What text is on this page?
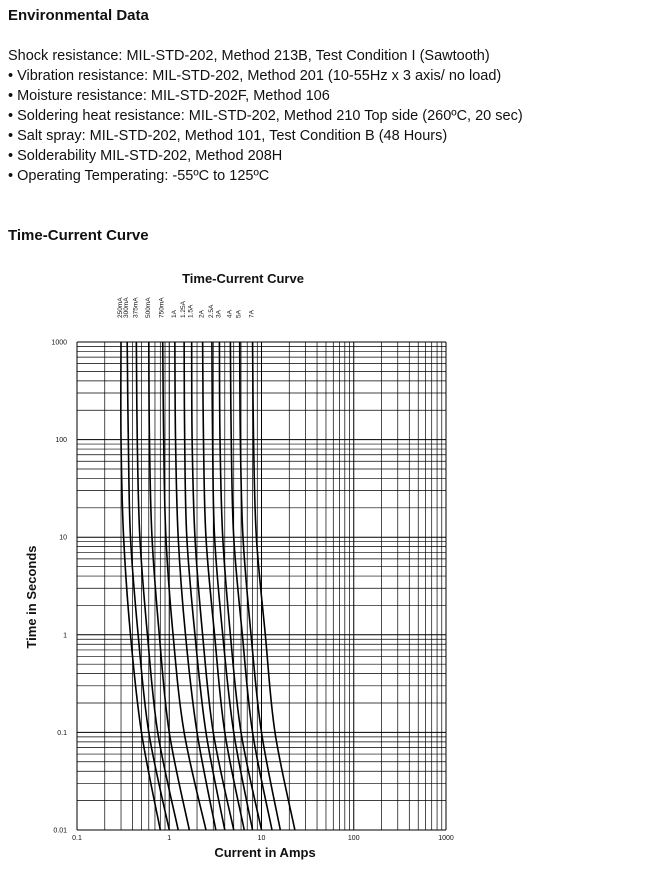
Environmental Data
Shock resistance: MIL-STD-202, Method 213B, Test Condition I (Sawtooth)
• Vibration resistance: MIL-STD-202, Method 201 (10-55Hz x 3 axis/ no load)
• Moisture resistance: MIL-STD-202F, Method 106
• Soldering heat resistance: MIL-STD-202, Method 210 Top side (260ºC, 20 sec)
• Salt spray: MIL-STD-202, Method 101, Test Condition B (48 Hours)
• Solderability MIL-STD-202, Method 208H
• Operating Temperating: -55ºC to 125ºC
Time-Current Curve
Time-Current Curve
0.1	1	10	100	1000
0.01
0.1
1
10
100
1000
250mA 300mA 375mA 500mA 750mA 1A 1.25A 1.5A 2A 2.5A 3A 4A 5A 7A
Current in Amps
Time in Seconds
